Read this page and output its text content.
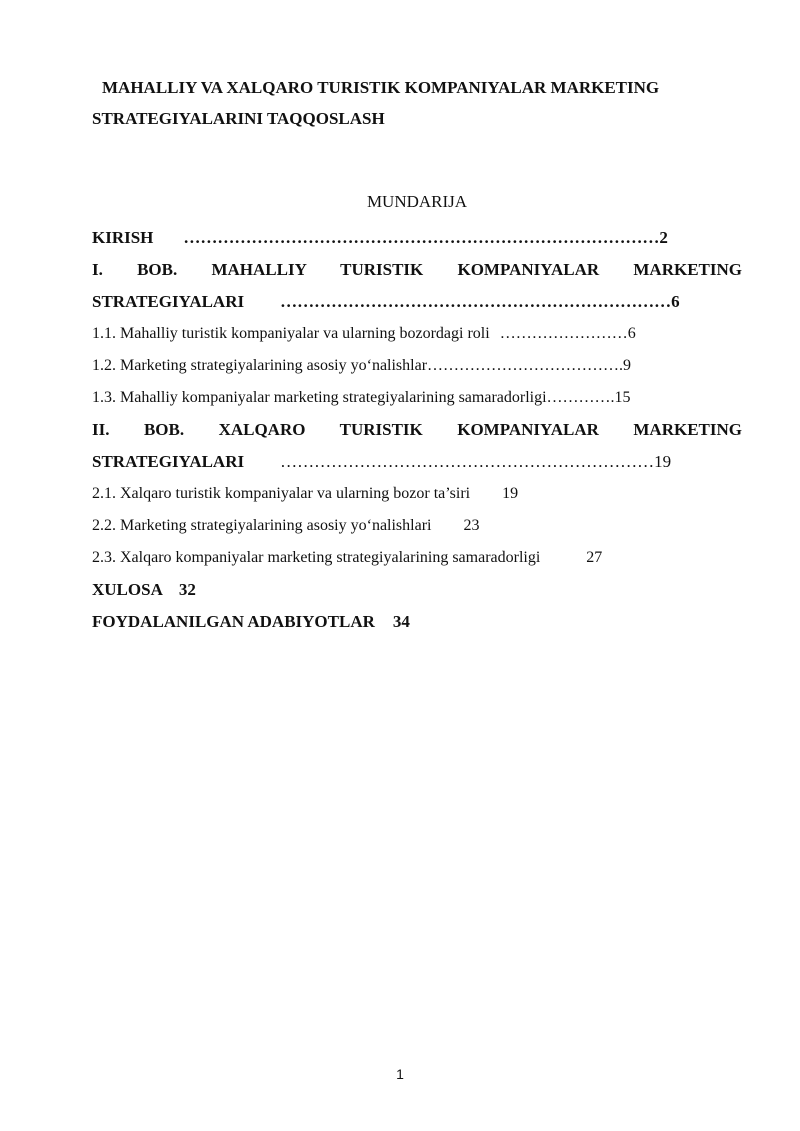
MAHALLIY VA XALQARO TURISTIK KOMPANIYALAR MARKETING
STRATEGIYALARINI TAQQOSLASH

MUNDARIJA
KIRISH …………………………………………………………………………2
I. BOB. MAHALLIY TURISTIK KOMPANIYALAR MARKETING
STRATEGIYALARI ……………………………………………………………6
1.1. Mahalliy turistik kompaniyalar va ularning bozordagi roli ……………………6
1.2. Marketing strategiyalarining asosiy yo‘nalishlar……………………………….9
1.3. Mahalliy kompaniyalar marketing strategiyalarining samaradorligi………….15
II. BOB. XALQARO TURISTIK KOMPANIYALAR MARKETING
STRATEGIYALARI …………………………………………………………19
2.1. Xalqaro turistik kompaniyalar va ularning bozor ta’siri 19
2.2. Marketing strategiyalarining asosiy yo‘nalishlari 23
2.3. Xalqaro kompaniyalar marketing strategiyalarining samaradorligi	27
XULOSA 32
FOYDALANILGAN ADABIYOTLAR 34
1
